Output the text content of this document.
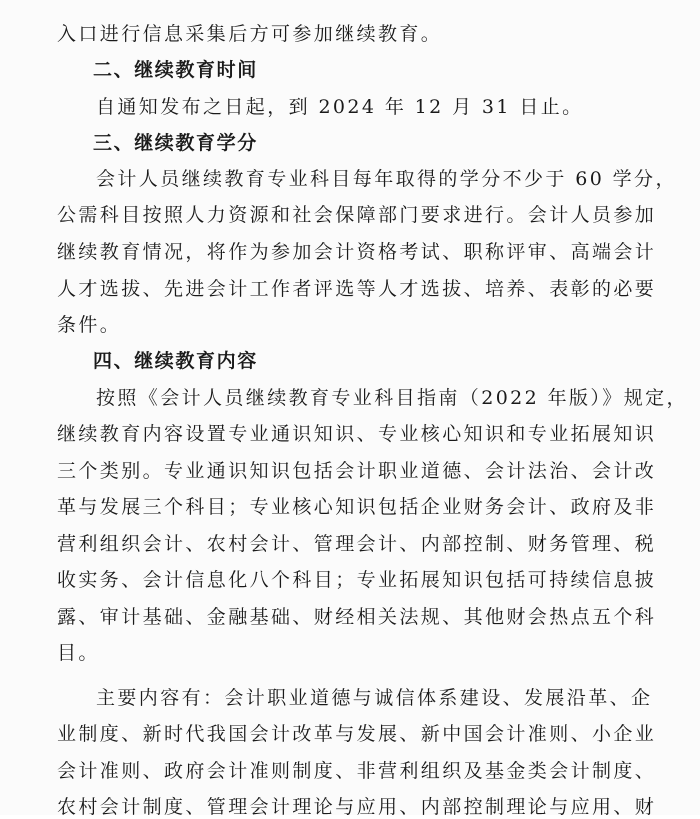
入口进行信息采集后方可参加继续教育。
二、继续教育时间
自通知发布之日起，到 2024 年 12 月 31 日止。
三、继续教育学分
会计人员继续教育专业科目每年取得的学分不少于 60 学分，
公需科目按照人力资源和社会保障部门要求进行。会计人员参加
继续教育情况，将作为参加会计资格考试、职称评审、高端会计
人才选拔、先进会计工作者评选等人才选拔、培养、表彰的必要
条件。
四、继续教育内容
按照《会计人员继续教育专业科目指南（2022 年版）》规定，
继续教育内容设置专业通识知识、专业核心知识和专业拓展知识
三个类别。专业通识知识包括会计职业道德、会计法治、会计改
革与发展三个科目；专业核心知识包括企业财务会计、政府及非
营利组织会计、农村会计、管理会计、内部控制、财务管理、税
收实务、会计信息化八个科目；专业拓展知识包括可持续信息披
露、审计基础、金融基础、财经相关法规、其他财会热点五个科
目。
主要内容有：会计职业道德与诚信体系建设、发展沿革、企
业制度、新时代我国会计改革与发展、新中国会计准则、小企业
会计准则、政府会计准则制度、非营利组织及基金类会计制度、
农村会计制度、管理会计理论与应用、内部控制理论与应用、财
